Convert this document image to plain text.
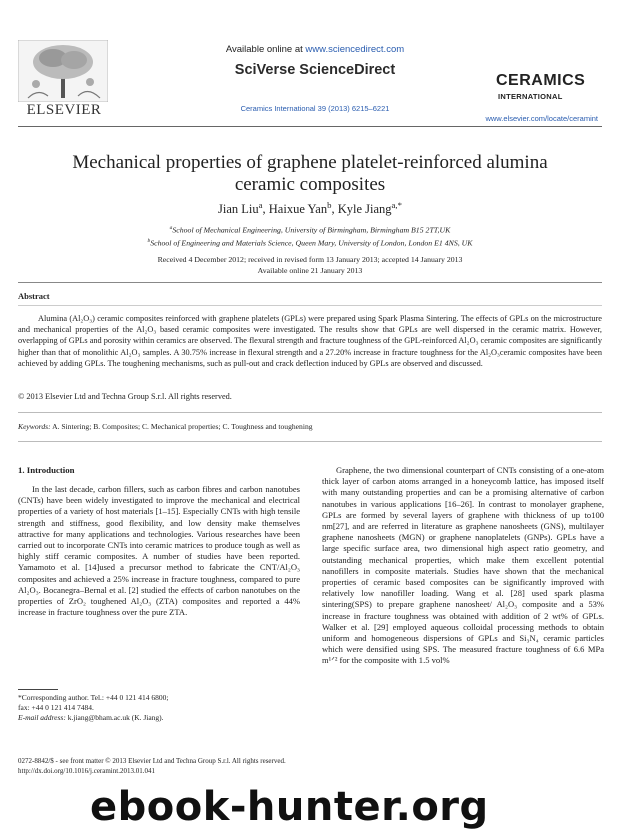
ELSEVIER
Available online at www.sciencedirect.com
SciVerse ScienceDirect
Ceramics International 39 (2013) 6215–6221
CERAMICS
INTERNATIONAL
www.elsevier.com/locate/ceramint
Mechanical properties of graphene platelet-reinforced alumina
ceramic composites
Jian Liu$^a$, Haixue Yan$^b$, Kyle Jiang$^{a,*}$
$^a$School of Mechanical Engineering, University of Birmingham, Birmingham B15 2TT,UK
$^b$School of Engineering and Materials Science, Queen Mary, University of London, London E1 4NS, UK
Received 4 December 2012; received in revised form 13 January 2013; accepted 14 January 2013
Available online 21 January 2013
Abstract
Alumina (Al₂O₃) ceramic composites reinforced with graphene platelets (GPLs) were prepared using Spark Plasma Sintering. The effects of GPLs on the microstructure and mechanical properties of the Al₂O₃ based ceramic composites were investigated. The results show that GPLs are well dispersed in the ceramic matrix. However, overlapping of GPLs and porosity within ceramics are observed. The flexural strength and fracture toughness of the GPL-reinforced Al₂O₃ ceramic composites are significantly higher than that of monolithic Al₂O₃ samples. A 30.75% increase in flexural strength and a 27.20% increase in fracture toughness for the Al₂O₃ceramic composites have been achieved by adding GPLs. The toughening mechanisms, such as pull-out and crack deflection induced by GPLs are observed and discussed.
© 2013 Elsevier Ltd and Techna Group S.r.l. All rights reserved.
Keywords: A. Sintering; B. Composites; C. Mechanical properties; C. Toughness and toughening
1. Introduction
In the last decade, carbon fillers, such as carbon fibres and carbon nanotubes (CNTs) have been widely investigated to improve the mechanical and electrical properties of a variety of host materials [1–15]. Especially CNTs with high tensile strength and stiffness, good flexibility, and low density make themselves attractive for many applications and technologies. Various researches have been carried out to incorporate CNTs into ceramic matrices to produce tough as well as highly stiff ceramic composites. A number of studies have been reported. Yamamoto et al. [14]used a precursor method to fabricate the CNT/Al₂O₃ composites and achieved a 25% increase in fracture toughness, compared to pure Al₂O₃. Bocanegra–Bernal et al. [2] studied the effects of carbon nanotubes on the properties of ZrO₂ toughened Al₂O₃ (ZTA) composites and reported a 44% increase in fracture toughness over the pure ZTA.
Graphene, the two dimensional counterpart of CNTs consisting of a one-atom thick layer of carbon atoms arranged in a honeycomb lattice, has imposed itself with many outstanding properties and can be a promising alternative of carbon nanotubes in various applications [16–26]. In contrast to monolayer graphene, GPLs are formed by several layers of graphene with thickness of up to100 nm[27], and are referred in literature as graphene nanosheets (GNS), multilayer graphene nanosheets (MGN) or graphene nanoplatelets (GNPs). GPLs have a large specific surface area, two dimensional high aspect ratio geometry, and outstanding mechanical properties, which make them excellent potential nanofillers in composite materials. Studies have shown that the mechanical properties of ceramic based composites can be significantly improved with relatively low nanofiller loading. Wang et al. [28] used spark plasma sintering(SPS) to prepare graphene nanosheet/ Al₂O₃ composite and a 53% increase in fracture toughness was obtained with addition of 2 wt% of GPLs. Walker et al. [29] employed aqueous colloidal processing methods to obtain uniform and homogeneous dispersions of GPLs and Si₃N₄ ceramic particles which were densified using SPS. The measured fracture toughness of 6.6 MPa m¹ᐟ² for the composite with 1.5 vol%
*Corresponding author. Tel.: +44 0 121 414 6800;
fax: +44 0 121 414 7484.
E-mail address: k.jiang@bham.ac.uk (K. Jiang).
0272-8842/$ - see front matter © 2013 Elsevier Ltd and Techna Group S.r.l. All rights reserved.
http://dx.doi.org/10.1016/j.ceramint.2013.01.041
ebook-hunter.org
